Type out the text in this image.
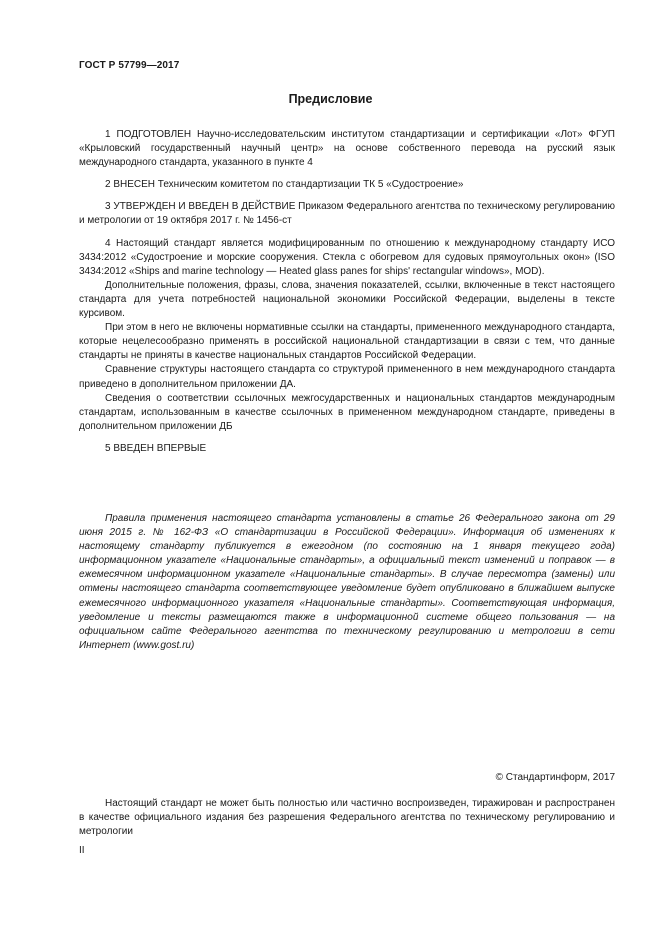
ГОСТ Р 57799—2017
Предисловие

1 ПОДГОТОВЛЕН Научно-исследовательским институтом стандартизации и сертификации «Лот» ФГУП «Крыловский государственный научный центр» на основе собственного перевода на русский язык международного стандарта, указанного в пункте 4

2 ВНЕСЕН Техническим комитетом по стандартизации ТК 5 «Судостроение»

3 УТВЕРЖДЕН И ВВЕДЕН В ДЕЙСТВИЕ Приказом Федерального агентства по техническому регулированию и метрологии от 19 октября 2017 г. № 1456-ст

4 Настоящий стандарт является модифицированным по отношению к международному стандарту ИСО 3434:2012 «Судостроение и морские сооружения. Стекла с обогревом для судовых прямоугольных окон» (ISO 3434:2012 «Ships and marine technology — Heated glass panes for ships' rectangular windows», MOD).

Дополнительные положения, фразы, слова, значения показателей, ссылки, включенные в текст настоящего стандарта для учета потребностей национальной экономики Российской Федерации, выделены в тексте курсивом.

При этом в него не включены нормативные ссылки на стандарты, примененного международного стандарта, которые нецелесообразно применять в российской национальной стандартизации в связи с тем, что данные стандарты не приняты в качестве национальных стандартов Российской Федерации.

Сравнение структуры настоящего стандарта со структурой примененного в нем международного стандарта приведено в дополнительном приложении ДА.

Сведения о соответствии ссылочных межгосударственных и национальных стандартов международным стандартам, использованным в качестве ссылочных в примененном международном стандарте, приведены в дополнительном приложении ДБ

5 ВВЕДЕН ВПЕРВЫЕ

Правила применения настоящего стандарта установлены в статье 26 Федерального закона от 29 июня 2015 г. № 162-ФЗ «О стандартизации в Российской Федерации». Информация об изменениях к настоящему стандарту публикуется в ежегодном (по состоянию на 1 января текущего года) информационном указателе «Национальные стандарты», а официальный текст изменений и поправок — в ежемесячном информационном указателе «Национальные стандарты». В случае пересмотра (замены) или отмены настоящего стандарта соответствующее уведомление будет опубликовано в ближайшем выпуске ежемесячного информационного указателя «Национальные стандарты». Соответствующая информация, уведомление и тексты размещаются также в информационной системе общего пользования — на официальном сайте Федерального агентства по техническому регулированию и метрологии в сети Интернет (www.gost.ru)

© Стандартинформ, 2017

Настоящий стандарт не может быть полностью или частично воспроизведен, тиражирован и распространен в качестве официального издания без разрешения Федерального агентства по техническому регулированию и метрологии

II
